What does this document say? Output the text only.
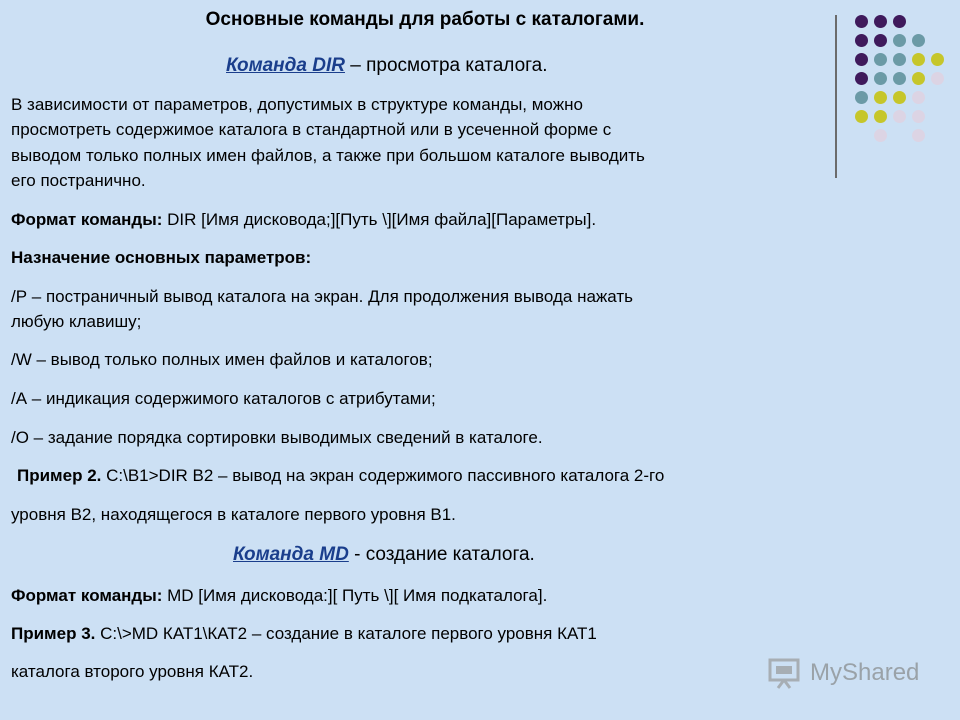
Основные команды для работы с каталогами.
Команда DIR – просмотра каталога.
В зависимости от параметров, допустимых в структуре команды, можно
просмотреть содержимое каталога в стандартной или в усеченной форме с
выводом только полных имен файлов, а также при большом каталоге выводить
его постранично.
Формат команды: DIR [Имя дисковода;][Путь \][Имя файла][Параметры].
Назначение основных параметров:
/Р – постраничный вывод каталога на экран. Для продолжения вывода нажать
любую клавишу;
/W – вывод только полных имен файлов и каталогов;
/А – индикация содержимого каталогов с атрибутами;
/О – задание порядка сортировки выводимых сведений в каталоге.
Пример 2. С:\В1>DIR В2 – вывод на экран содержимого пассивного каталога 2-го
уровня В2, находящегося в каталоге первого уровня В1.
Команда MD - создание каталога.
Формат команды: MD [Имя дисковода:][ Путь \][ Имя подкаталога].
Пример 3. C:\>MD КАТ1\КАТ2 – создание в каталоге первого уровня КАТ1
каталога второго уровня КАТ2.	MyShared
